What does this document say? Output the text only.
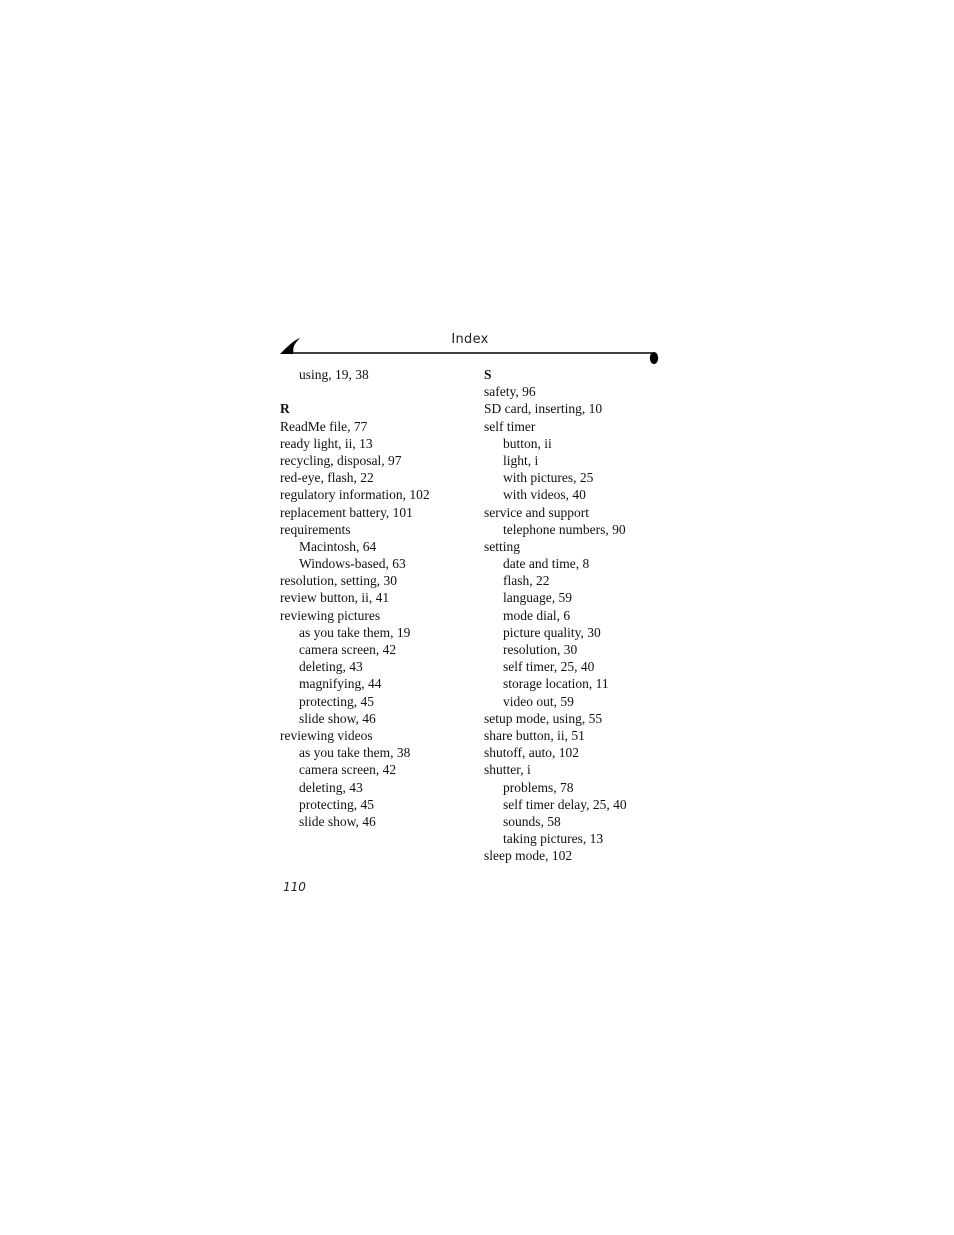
Index
using, 19, 38
R
ReadMe file, 77
ready light, ii, 13
recycling, disposal, 97
red-eye, flash, 22
regulatory information, 102
replacement battery, 101
requirements
Macintosh, 64
Windows-based, 63
resolution, setting, 30
review button, ii, 41
reviewing pictures
as you take them, 19
camera screen, 42
deleting, 43
magnifying, 44
protecting, 45
slide show, 46
reviewing videos
as you take them, 38
camera screen, 42
deleting, 43
protecting, 45
slide show, 46
S
safety, 96
SD card, inserting, 10
self timer
button, ii
light, i
with pictures, 25
with videos, 40
service and support
telephone numbers, 90
setting
date and time, 8
flash, 22
language, 59
mode dial, 6
picture quality, 30
resolution, 30
self timer, 25, 40
storage location, 11
video out, 59
setup mode, using, 55
share button, ii, 51
shutoff, auto, 102
shutter, i
problems, 78
self timer delay, 25, 40
sounds, 58
taking pictures, 13
sleep mode, 102
110
